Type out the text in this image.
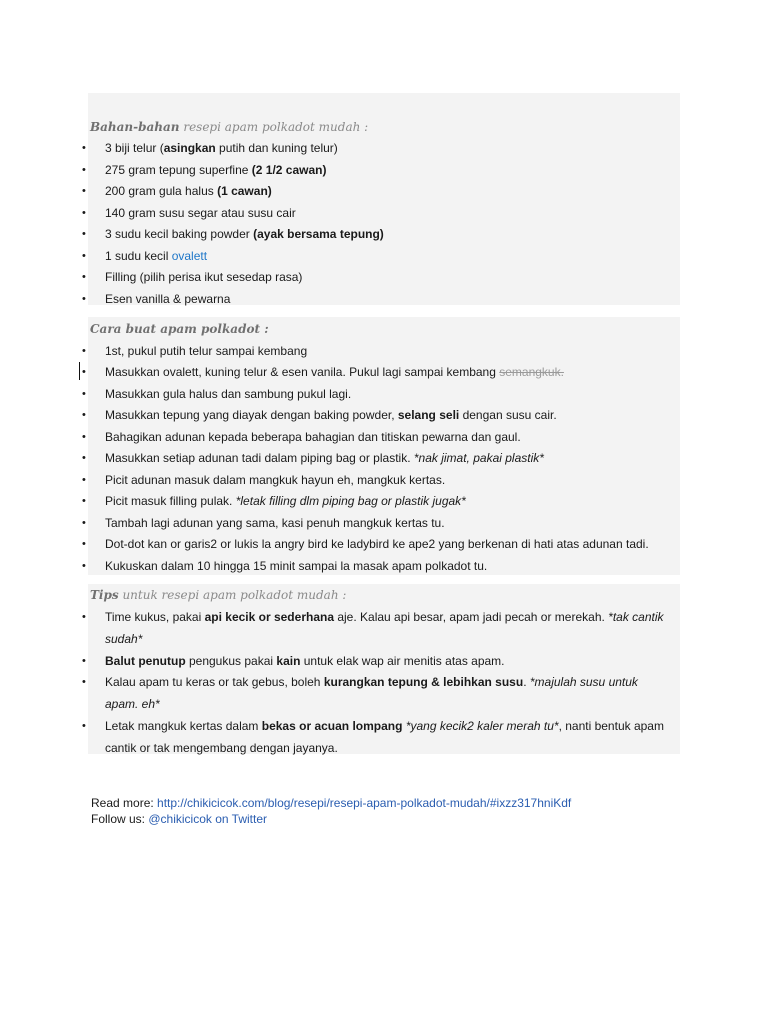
Bahan-bahan resepi apam polkadot mudah :
• 3 biji telur (asingkan putih dan kuning telur)
• 275 gram tepung superfine (2 1/2 cawan)
• 200 gram gula halus (1 cawan)
• 140 gram susu segar atau susu cair
• 3 sudu kecil baking powder (ayak bersama tepung)
• 1 sudu kecil ovalett
• Filling (pilih perisa ikut sesedap rasa)
• Esen vanilla & pewarna
Cara buat apam polkadot :
• 1st, pukul putih telur sampai kembang
• Masukkan ovalett, kuning telur & esen vanila. Pukul lagi sampai kembang semangkuk.
• Masukkan gula halus dan sambung pukul lagi.
• Masukkan tepung yang diayak dengan baking powder, selang seli dengan susu cair.
• Bahagikan adunan kepada beberapa bahagian dan titiskan pewarna dan gaul.
• Masukkan setiap adunan tadi dalam piping bag or plastik. *nak jimat, pakai plastik*
• Picit adunan masuk dalam mangkuk hayun eh, mangkuk kertas.
• Picit masuk filling pulak. *letak filling dlm piping bag or plastik jugak*
• Tambah lagi adunan yang sama, kasi penuh mangkuk kertas tu.
• Dot-dot kan or garis2 or lukis la angry bird ke ladybird ke ape2 yang berkenan di hati atas adunan tadi.
• Kukuskan dalam 10 hingga 15 minit sampai la masak apam polkadot tu.
Tips untuk resepi apam polkadot mudah :
• Time kukus, pakai api kecik or sederhana aje. Kalau api besar, apam jadi pecah or merekah. *tak cantik sudah*
• Balut penutup pengukus pakai kain untuk elak wap air menitis atas apam.
• Kalau apam tu keras or tak gebus, boleh kurangkan tepung & lebihkan susu. *majulah susu untuk apam. eh*
• Letak mangkuk kertas dalam bekas or acuan lompang *yang kecik2 kaler merah tu*, nanti bentuk apam cantik or tak mengembang dengan jayanya.
Read more: http://chikicicok.com/blog/resepi/resepi-apam-polkadot-mudah/#ixzz317hniKdf
Follow us: @chikicicok on Twitter
